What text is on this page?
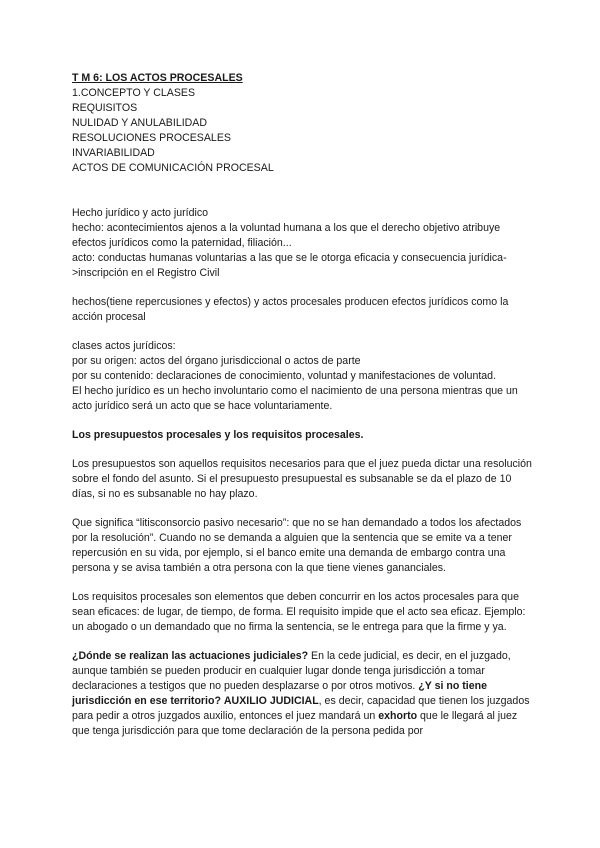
T M 6: LOS ACTOS PROCESALES

1.CONCEPTO Y CLASES

REQUISITOS

NULIDAD Y ANULABILIDAD

RESOLUCIONES PROCESALES

INVARIABILIDAD

ACTOS DE COMUNICACIÓN PROCESAL

Hecho jurídico y acto jurídico

hecho: acontecimientos ajenos a la voluntad humana a los que el derecho objetivo atribuye efectos jurídicos como la paternidad, filiación...

acto: conductas humanas voluntarias a las que se le otorga eficacia y consecuencia jurídica->inscripción en el Registro Civil

hechos(tiene repercusiones y efectos) y actos procesales producen efectos jurídicos como la acción procesal

clases actos jurídicos:

por su origen: actos del órgano jurisdiccional o actos de parte

por su contenido: declaraciones de conocimiento, voluntad y manifestaciones de voluntad.

El hecho jurídico es un hecho involuntario como el nacimiento de una persona mientras que un acto jurídico será un acto que se hace voluntariamente.

Los presupuestos procesales y los requisitos procesales.

Los presupuestos son aquellos requisitos necesarios para que el juez pueda dictar una resolución sobre el fondo del asunto. Si el presupuesto presupuestal es subsanable se da el plazo de 10 días, si no es subsanable no hay plazo.

Que significa “litisconsorcio pasivo necesario”: que no se han demandado a todos los afectados por la resolución”. Cuando no se demanda a alguien que la sentencia que se emite va a tener repercusión en su vida, por ejemplo, si el banco emite una demanda de embargo contra una persona y se avisa también a otra persona con la que tiene vienes gananciales.

Los requisitos procesales son elementos que deben concurrir en los actos procesales para que sean eficaces: de lugar, de tiempo, de forma. El requisito impide que el acto sea eficaz. Ejemplo: un abogado o un demandado que no firma la sentencia, se le entrega para que la firme y ya.

¿Dónde se realizan las actuaciones judiciales? En la cede judicial, es decir, en el juzgado, aunque también se pueden producir en cualquier lugar donde tenga jurisdicción a tomar declaraciones a testigos que no pueden desplazarse o por otros motivos. ¿Y si no tiene jurisdicción en ese territorio? AUXILIO JUDICIAL, es decir, capacidad que tienen los juzgados para pedir a otros juzgados auxilio, entonces el juez mandará un exhorto que le llegará al juez que tenga jurisdicción para que tome declaración de la persona pedida por
